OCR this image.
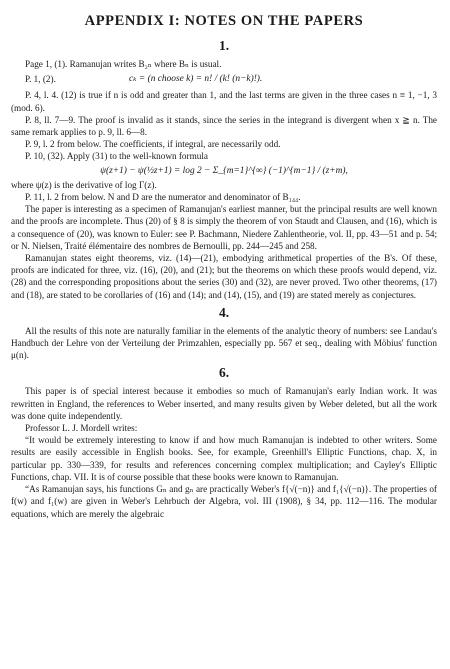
APPENDIX I: NOTES ON THE PAPERS
1.

Page 1, (1). Ramanujan writes B₂ₙ where Bₙ is usual.

P. 1, (2).	cₖ = (n choose k) = n! / (k! (n−k)!).

P. 4, l. 4. (12) is true if n is odd and greater than 1, and the last terms are given in the three cases n ≡ 1, −1, 3 (mod. 6).

P. 8, ll. 7—9. The proof is invalid as it stands, since the series in the integrand is divergent when x ≧ n. The same remark applies to p. 9, ll. 6—8.

P. 9, l. 2 from below. The coefficients, if integral, are necessarily odd.

P. 10, (32). Apply (31) to the well-known formula

ψ(z+1) − ψ(½z+1) = log 2 − Σ_{m=1}^{∞} (−1)^{m−1} / (z+m),

where ψ(z) is the derivative of log Γ(z).

P. 11, l. 2 from below. N and D are the numerator and denominator of B₁₄₄.

The paper is interesting as a specimen of Ramanujan's earliest manner, but the principal results are well known and the proofs are incomplete. Thus (20) of § 8 is simply the theorem of von Staudt and Clausen, and (16), which is a consequence of (20), was known to Euler: see P. Bachmann, Niedere Zahlentheorie, vol. II, pp. 43—51 and p. 54; or N. Nielsen, Traité élémentaire des nombres de Bernoulli, pp. 244—245 and 258.

Ramanujan states eight theorems, viz. (14)—(21), embodying arithmetical properties of the B's. Of these, proofs are indicated for three, viz. (16), (20), and (21); but the theorems on which these proofs would depend, viz. (28) and the corresponding propositions about the series (30) and (32), are never proved. Two other theorems, (17) and (18), are stated to be corollaries of (16) and (14); and (14), (15), and (19) are stated merely as conjectures.

4.

All the results of this note are naturally familiar in the elements of the analytic theory of numbers: see Landau's Handbuch der Lehre von der Verteilung der Primzahlen, especially pp. 567 et seq., dealing with Möbius' function μ(n).

6.

This paper is of special interest because it embodies so much of Ramanujan's early Indian work. It was rewritten in England, the references to Weber inserted, and many results given by Weber deleted, but all the work was done quite independently.

Professor L. J. Mordell writes:

“It would be extremely interesting to know if and how much Ramanujan is indebted to other writers. Some results are easily accessible in English books. See, for example, Greenhill's Elliptic Functions, chap. X, in particular pp. 330—339, for results and references concerning complex multiplication; and Cayley's Elliptic Functions, chap. VII. It is of course possible that these books were known to Ramanujan.

“As Ramanujan says, his functions Gₙ and gₙ are practically Weber's f{√(−n)} and f₁{√(−n)}. The properties of f(w) and f₁(w) are given in Weber's Lehrbuch der Algebra, vol. III (1908), § 34, pp. 112—116. The modular equations, which are merely the algebraic
